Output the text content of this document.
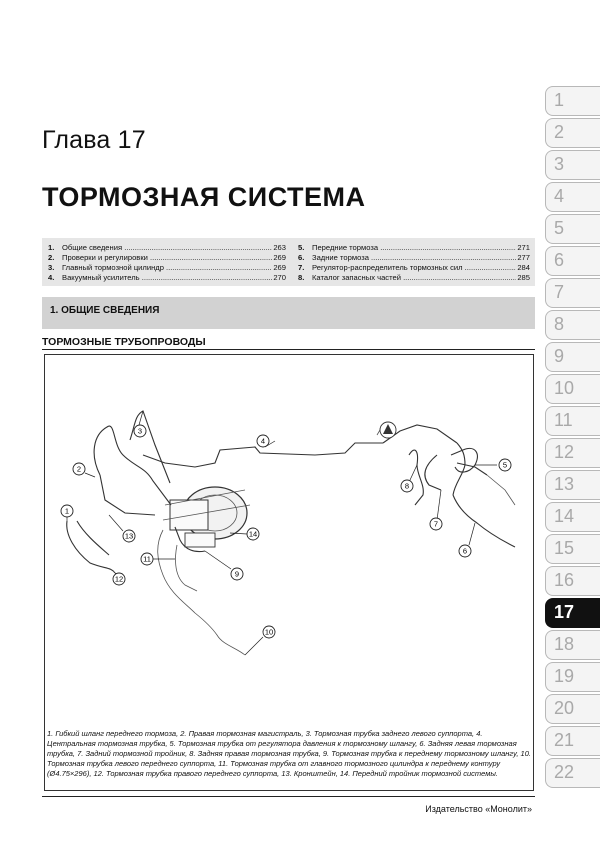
Глава 17
ТОРМОЗНАЯ СИСТЕМА
1.	Общие сведения .....	263
2.	Проверки и регулировки .....	269
3.	Главный тормозной цилиндр .....	269
4.	Вакуумный усилитель .....	270
5.	Передние тормоза .....	271
6.	Задние тормоза .....	277
7.	Регулятор-распределитель тормозных сил .....	284
8.	Каталог запасных частей .....	285
1. ОБЩИЕ СВЕДЕНИЯ
ТОРМОЗНЫЕ ТРУБОПРОВОДЫ
1
2
3
4
5
6
7
8
9
10
11
12
13	14
1. Гибкий шланг переднего тормоза, 2. Правая тормозная магистраль, 3. Тормозная трубка заднего левого суппорта, 4. Центральная тормозная трубка, 5. Тормозная трубка от регулятора давления к тормозному шлангу, 6. Задняя левая тормозная трубка, 7. Задний тормозной тройник, 8. Задняя правая тормозная трубка, 9. Тормозная трубка к переднему тормозному шлангу, 10. Тормозная трубка левого переднего суппорта, 11. Тормозная трубка от главного тормозного цилиндра к переднему контуру (Ø4.75×296), 12. Тормозная трубка правого переднего суппорта, 13. Кронштейн, 14. Передний тройник тормозной системы.
Издательство «Монолит»
1
2
3
4
5
6
7
8
9
10
11
12
13
14
15
16
17
18
19
20
21
22
